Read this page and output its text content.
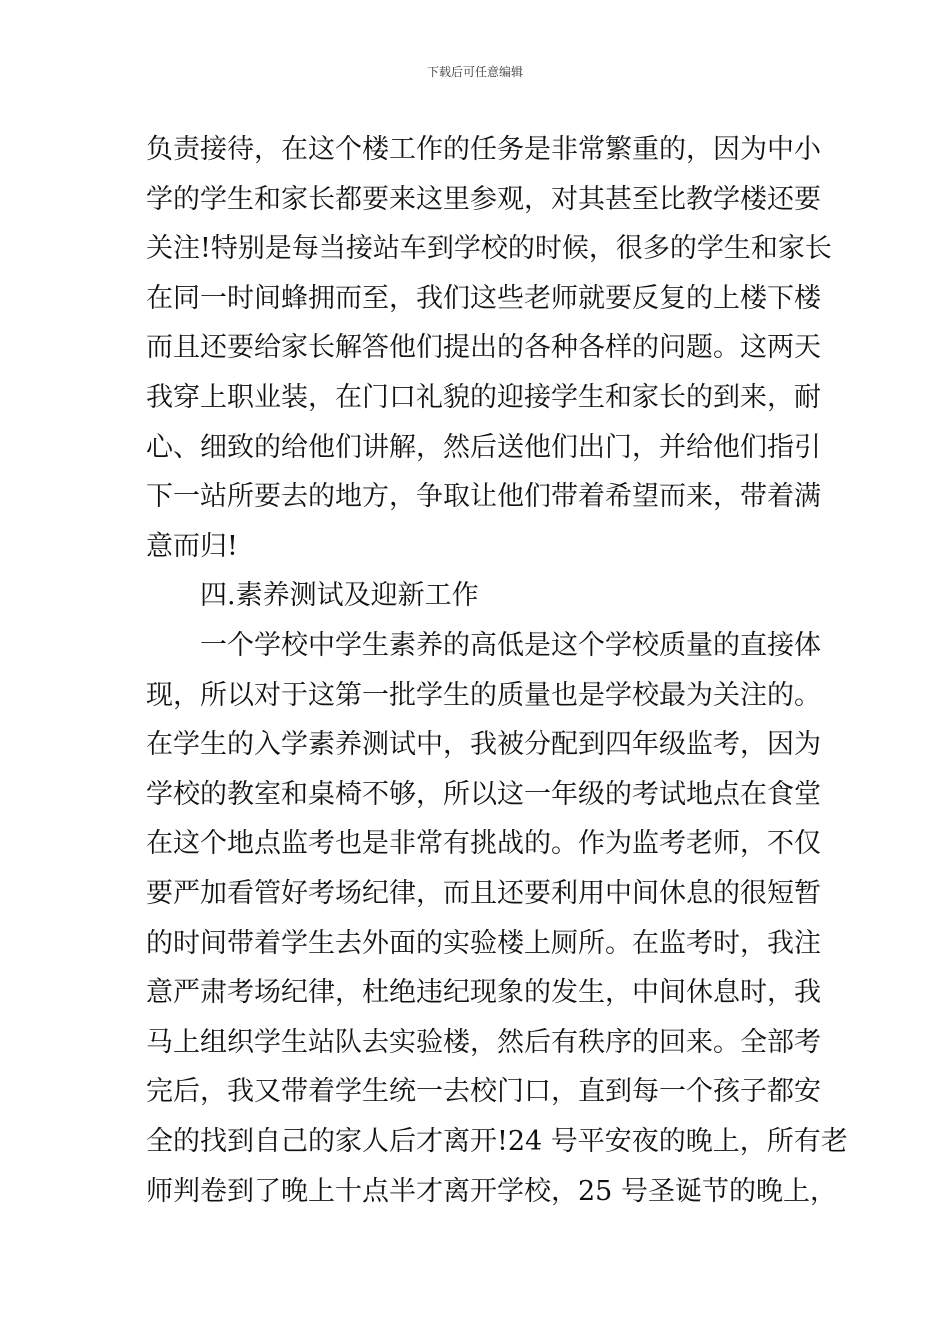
下载后可任意编辑
负责接待，在这个楼工作的任务是非常繁重的，因为中小
学的学生和家长都要来这里参观，对其甚至比教学楼还要
关注!特别是每当接站车到学校的时候，很多的学生和家长
在同一时间蜂拥而至，我们这些老师就要反复的上楼下楼
而且还要给家长解答他们提出的各种各样的问题。这两天
我穿上职业装，在门口礼貌的迎接学生和家长的到来，耐
心、细致的给他们讲解，然后送他们出门，并给他们指引
下一站所要去的地方，争取让他们带着希望而来，带着满
意而归!
四.素养测试及迎新工作
一个学校中学生素养的高低是这个学校质量的直接体
现，所以对于这第一批学生的质量也是学校最为关注的。
在学生的入学素养测试中，我被分配到四年级监考，因为
学校的教室和桌椅不够，所以这一年级的考试地点在食堂
在这个地点监考也是非常有挑战的。作为监考老师，不仅
要严加看管好考场纪律，而且还要利用中间休息的很短暂
的时间带着学生去外面的实验楼上厕所。在监考时，我注
意严肃考场纪律，杜绝违纪现象的发生，中间休息时，我
马上组织学生站队去实验楼，然后有秩序的回来。全部考
完后，我又带着学生统一去校门口，直到每一个孩子都安
全的找到自己的家人后才离开!24 号平安夜的晚上，所有老
师判卷到了晚上十点半才离开学校，25 号圣诞节的晚上，
